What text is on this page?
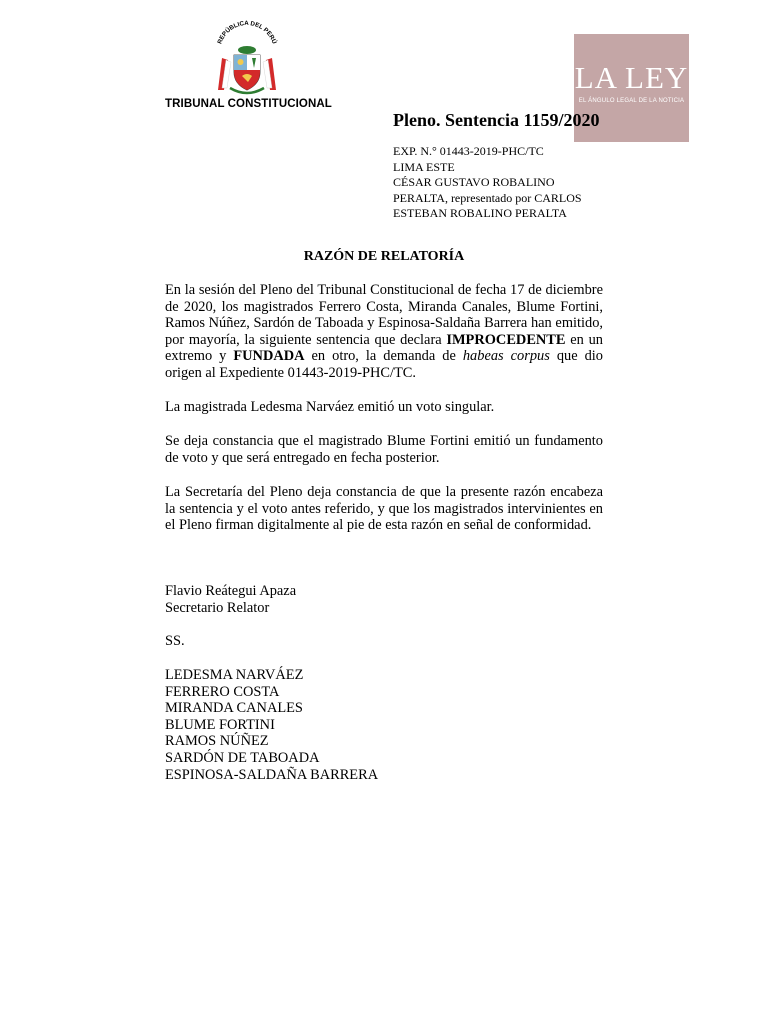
REPÚBLICA DEL PERÚ
TRIBUNAL CONSTITUCIONAL
LA LEY
EL ÁNGULO LEGAL DE LA NOTICIA
Pleno. Sentencia 1159/2020
EXP. N.° 01443-2019-PHC/TC
LIMA ESTE
CÉSAR GUSTAVO ROBALINO
PERALTA, representado por CARLOS
ESTEBAN ROBALINO PERALTA
RAZÓN DE RELATORÍA

En la sesión del Pleno del Tribunal Constitucional de fecha 17 de diciembre de 2020, los magistrados Ferrero Costa, Miranda Canales, Blume Fortini, Ramos Núñez, Sardón de Taboada y Espinosa-Saldaña Barrera han emitido, por mayoría, la siguiente sentencia que declara IMPROCEDENTE en un extremo y FUNDADA en otro, la demanda de habeas corpus que dio origen al Expediente 01443-2019-PHC/TC.

La magistrada Ledesma Narváez emitió un voto singular.

Se deja constancia que el magistrado Blume Fortini emitió un fundamento de voto y que será entregado en fecha posterior.

La Secretaría del Pleno deja constancia de que la presente razón encabeza la sentencia y el voto antes referido, y que los magistrados intervinientes en el Pleno firman digitalmente al pie de esta razón en señal de conformidad.

Flavio Reátegui Apaza
Secretario Relator
SS.
LEDESMA NARVÁEZ
FERRERO COSTA
MIRANDA CANALES
BLUME FORTINI
RAMOS NÚÑEZ
SARDÓN DE TABOADA
ESPINOSA-SALDAÑA BARRERA
